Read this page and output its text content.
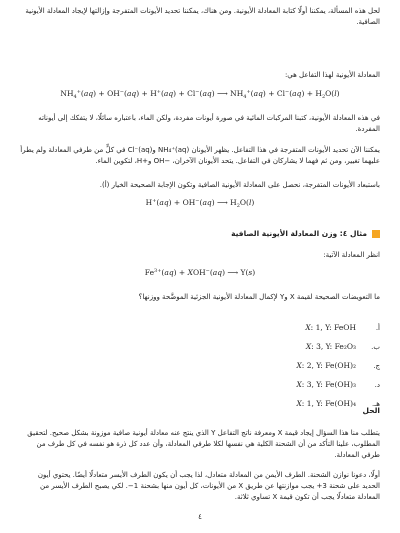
لحل هذه المسألة، يمكننا أولًا كتابة المعادلة الأيونية. ومن هناك، يمكننا تحديد الأيونات المتفرجة وإزالتها لإيجاد المعادلة الأيونية الصافية.

المعادلة الأيونية لهذا التفاعل هي:

$NH_4^+(aq) + OH^-(aq) + H^+(aq) + Cl^-(aq)$ ⟶ $NH_4^+(aq) + Cl^-(aq) + H_2O(l)$

في هذه المعادلة الأيونية، كتبنا المركبات المائية في صورة أيونات مفردة، ولكن الماء، باعتباره سائلًا، لا يتفكك إلى أيوناته المفردة.

يمكننا الآن تحديد الأيونات المتفرجة في هذا التفاعل. يظهر الأيونان NH₄⁺(aq) وCl⁻(aq) في كلٍّ من طرفي المعادلة ولم يطرأ عليهما تغيير، ومن ثم فهما لا يشاركان في التفاعل. يتحد الأيونان الآخران، −OH و+H، لتكوين الماء.

باستبعاد الأيونات المتفرجة، نحصل على المعادلة الأيونية الصافية وتكون الإجابة الصحيحة الخيار (أ).

H+(aq) + OH−(aq) ⟶ $H_2O(l)$

مثال ٤: وزن المعادلة الأيونية الصافية

انظر المعادلة الآتية:

$Fe^{3+}(aq) + XOH^-(aq)$ ⟶ Y(s)

ما التعويضات الصحيحة لقيمة X وY لإكمال المعادلة الأيونية الجزئية الموضَّحة ووزنها؟

أ.
X: 1, Y: FeOH
ب.
X: 3, Y: Fe₂O₃
ج.
X: 2, Y: Fe(OH)₂
د.
X: 3, Y: Fe(OH)₃
هـ.
X: 1, Y: Fe(OH)₄
الحل

يتطلب منا هذا السؤال إيجاد قيمة X ومعرفة ناتج التفاعل Y الذي ينتج عنه معادلة أيونية صافية موزونة بشكل صحيح. لتحقيق المطلوب، علينا التأكد من أن الشحنة الكلية هي نفسها لكلا طرفي المعادلة، وأن عدد كل ذرة هو نفسه في كل طرف من طرفي المعادلة.

أولًا، دعونا نوازن الشحنة. الطرف الأيمن من المعادلة متعادل، لذا يجب أن يكون الطرف الأيسر متعادلًا أيضًا. يحتوي أيون الحديد على شحنة 3+ يجب موازنتها عن طريق X من الأيونات، كل أيون منها بشحنة 1−. لكي يصبح الطرف الأيسر من المعادلة متعادلًا يجب أن تكون قيمة X تساوي ثلاثة.

٤
